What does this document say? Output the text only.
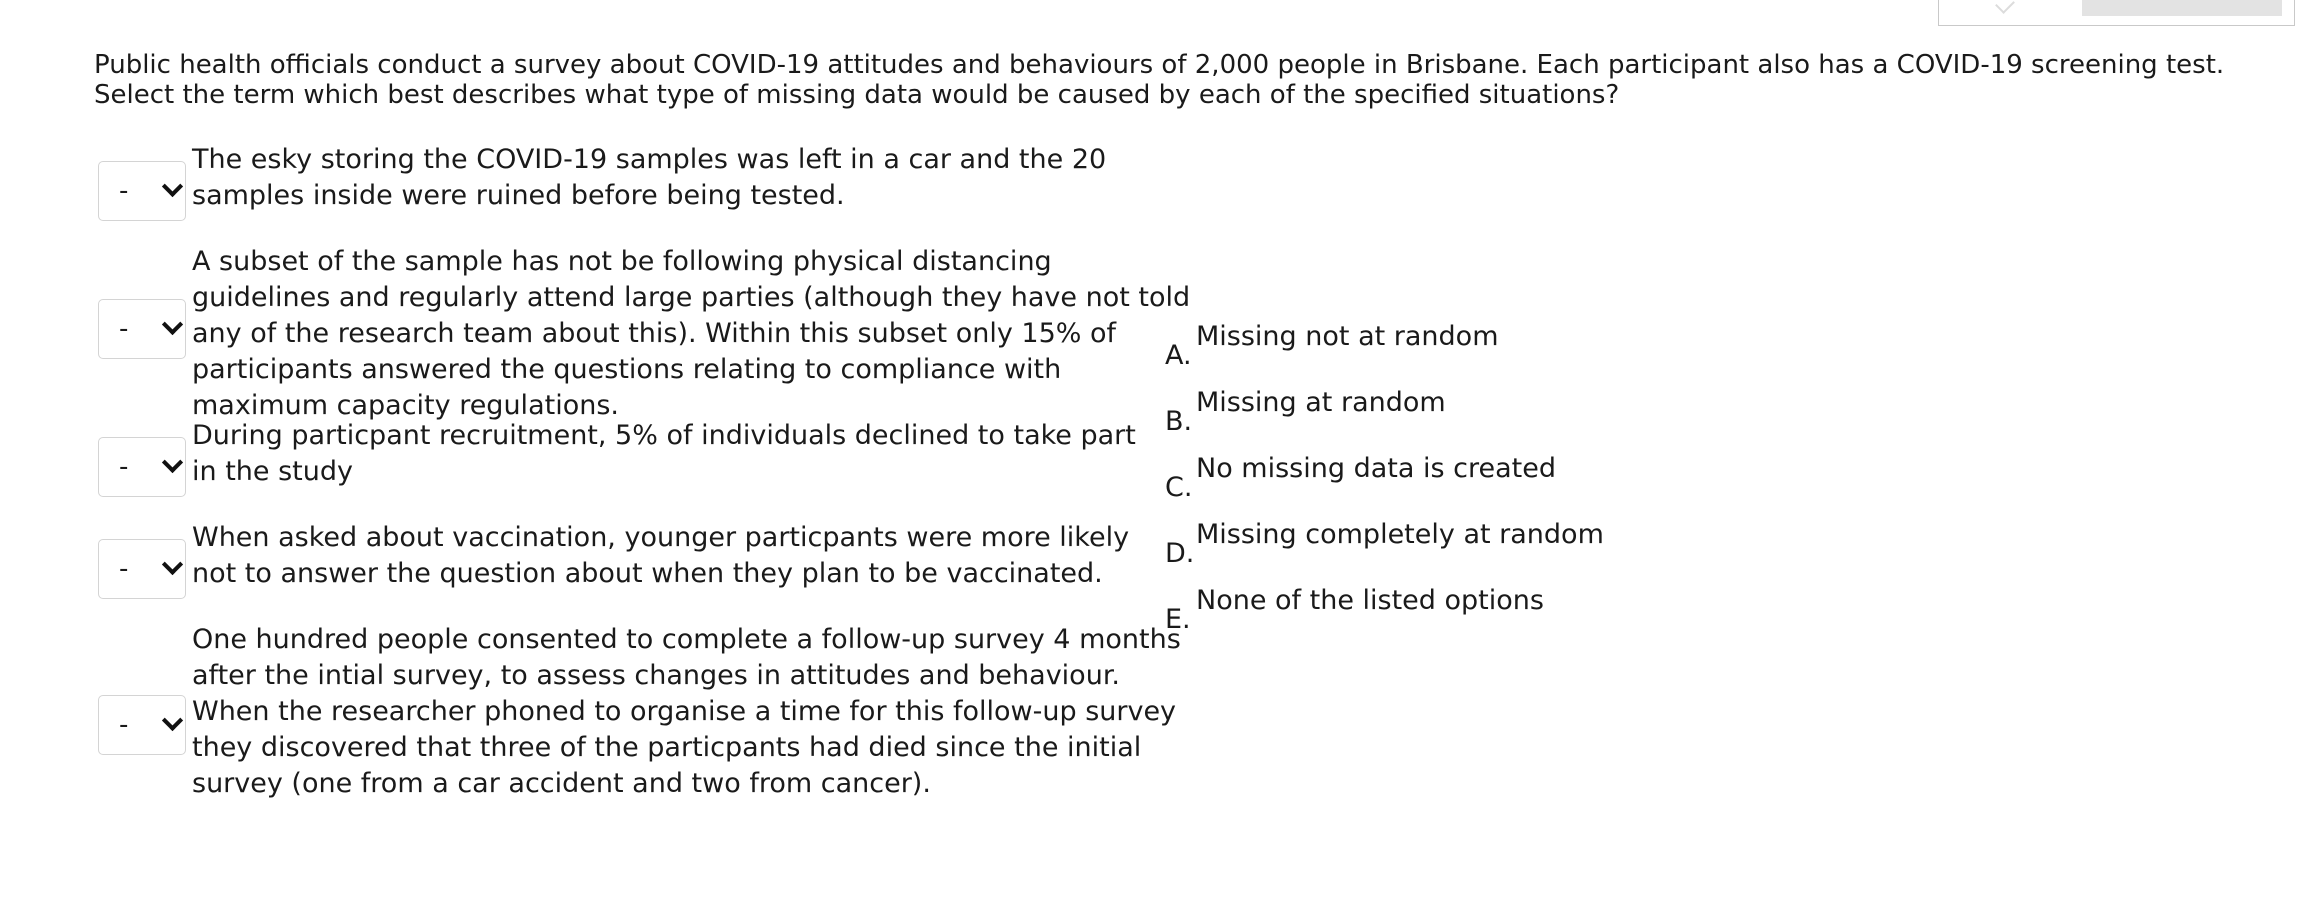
Public health officials conduct a survey about COVID-19 attitudes and behaviours of 2,000 people in Brisbane. Each participant also has a COVID-19 screening test. Select the term which best describes what type of missing data would be caused by each of the specified situations?

-

The esky storing the COVID-19 samples was left in a car and the 20 samples inside were ruined before being tested.

-

A subset of the sample has not be following physical distancing guidelines and regularly attend large parties (although they have not told any of the research team about this). Within this subset only 15% of participants answered the questions relating to compliance with maximum capacity regulations.

-

During particpant recruitment, 5% of individuals declined to take part in the study

-

When asked about vaccination, younger particpants were more likely not to answer the question about when they plan to be vaccinated.

-

One hundred people consented to complete a follow-up survey 4 months after the intial survey, to assess changes in attitudes and behaviour. When the researcher phoned to organise a time for this follow-up survey they discovered that three of the particpants had died since the initial survey (one from a car accident and two from cancer).

A.
Missing not at random
B.
Missing at random
C.
No missing data is created
D.
Missing completely at random
E.
None of the listed options
